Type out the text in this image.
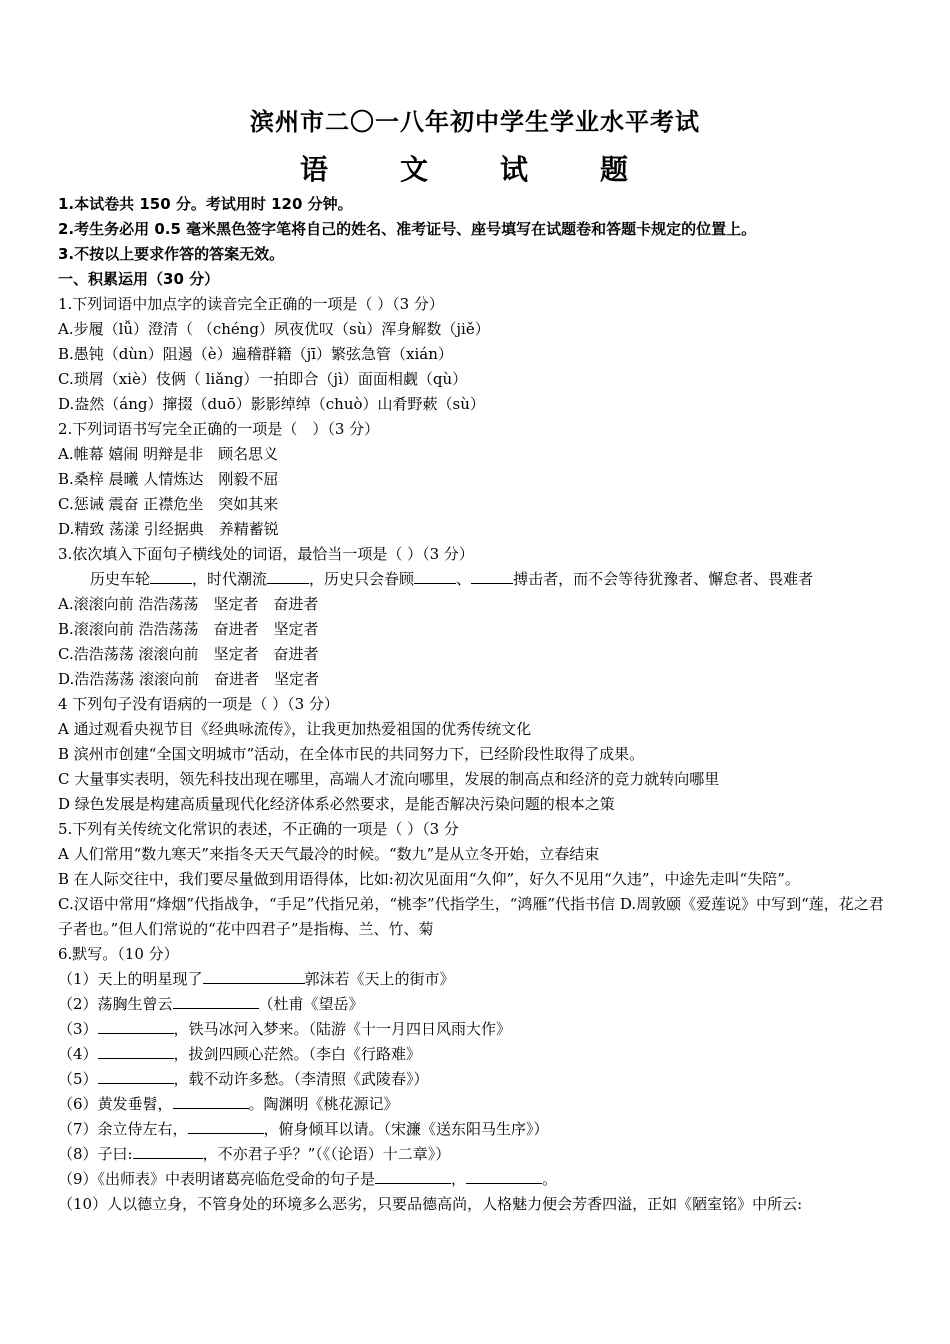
滨州市二〇一八年初中学生学业水平考试
语　文　试　题
1.本试卷共 150 分。考试用时 120 分钟。
2.考生务必用 0.5 毫米黑色签字笔将自己的姓名、准考证号、座号填写在试题卷和答题卡规定的位置上。
3.不按以上要求作答的答案无效。
一、积累运用（30 分）
1.下列词语中加点字的读音完全正确的一项是（ ）（3 分）
A.步履（lǚ）澄清（ （chéng）夙夜优叹（sù）浑身解数（jiě）
B.愚钝（dùn）阻遏（è）遍稽群籍（jī）繁弦急管（xián）
C.琐屑（xiè）伎俩（ liǎng）一拍即合（jì）面面相觑（qù）
D.盎然（áng）撺掇（duō）影影绰绰（chuò）山肴野蔌（sù）
2.下列词语书写完全正确的一项是（　）（3 分）
A.帷幕 嬉闹 明辩是非　顾名思义
B.桑梓 晨曦 人情炼达　刚毅不屈
C.惩诫 震奋 正襟危坐　突如其来
D.精致 荡漾 引经据典　养精蓄锐
3.依次填入下面句子横线处的词语，最恰当一项是（ ）（3 分）
历史车轮	，时代潮流	，历史只会眷顾	、	搏击者，而不会等待犹豫者、懈怠者、畏难者
A.滚滚向前 浩浩荡荡　坚定者　奋进者
B.滚滚向前 浩浩荡荡　奋进者　坚定者
C.浩浩荡荡 滚滚向前　坚定者　奋进者
D.浩浩荡荡 滚滚向前　奋进者　坚定者
4 下列句子没有语病的一项是（ ）（3 分）
A 通过观看央视节目《经典咏流传》，让我更加热爱祖国的优秀传统文化
B 滨州市创建“全国文明城市”活动，在全体市民的共同努力下，已经阶段性取得了成果。
C 大量事实表明，领先科技出现在哪里，高端人才流向哪里，发展的制高点和经济的竞力就转向哪里
D 绿色发展是构建高质量现代化经济体系必然要求，是能否解决污染问题的根本之策
5.下列有关传统文化常识的表述，不正确的一项是（ ）（3 分
A 人们常用“数九寒天”来指冬天天气最冷的时候。“数九”是从立冬开始，立春结束
B 在人际交往中，我们要尽量做到用语得体，比如:初次见面用“久仰”，好久不见用“久违”，中途先走叫“失陪”。
C.汉语中常用“烽烟”代指战争，“手足”代指兄弟，“桃李”代指学生，“鸿雁”代指书信 D.周敦颐《爱莲说》中写到“莲，花之君子者也。”但人们常说的“花中四君子”是指梅、兰、竹、菊
6.默写。（10 分）
（1）天上的明星现了	郭沫若《天上的街市》
（2）荡胸生曾云	（杜甫《望岳》
（3）	，铁马冰河入梦来。（陆游《十一月四日风雨大作》
（4）	，拔剑四顾心茫然。（李白《行路难》
（5）	，载不动许多愁。（李清照《武陵春》）
（6）黄发垂髫，	。陶渊明《桃花源记》
（7）余立侍左右，	，俯身倾耳以请。（宋濂《送东阳马生序》）
（8）子曰:	，不亦君子乎？”（《（论语）十二章》）
（9）《出师表》中表明诸葛亮临危受命的句子是	，	。
（10）人以德立身，不管身处的环境多么恶劣，只要品德高尚，人格魅力便会芳香四溢，正如《陋室铭》中所云:
